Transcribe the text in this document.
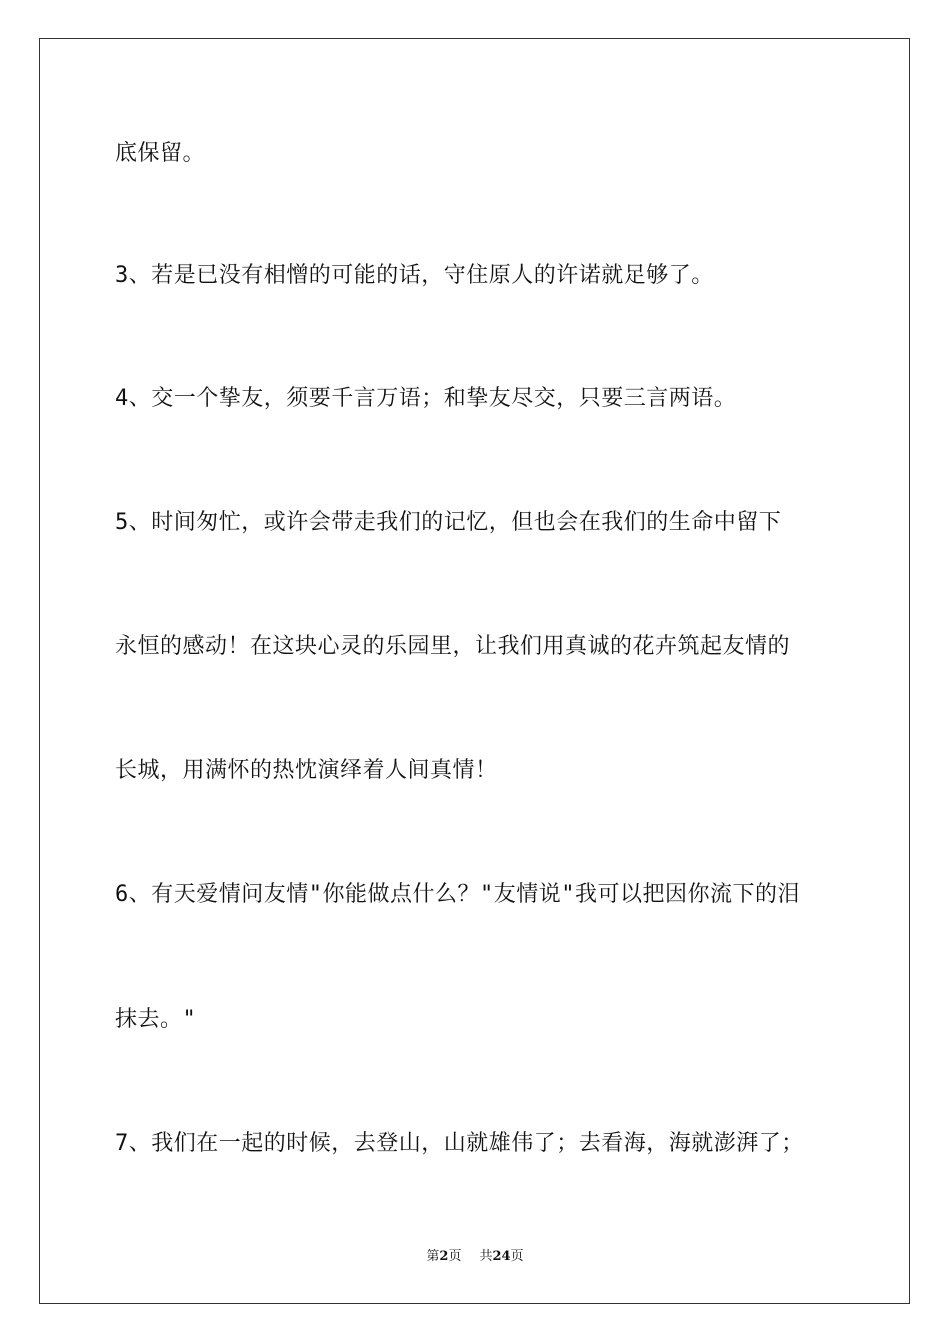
底保留。
3、若是已没有相憎的可能的话，守住原人的许诺就足够了。
4、交一个挚友，须要千言万语；和挚友尽交，只要三言两语。
5、时间匆忙，或许会带走我们的记忆，但也会在我们的生命中留下
永恒的感动！在这块心灵的乐园里，让我们用真诚的花卉筑起友情的
长城，用满怀的热忱演绎着人间真情！
6、有天爱情问友情"你能做点什么？"友情说"我可以把因你流下的泪
抹去。"
7、我们在一起的时候，去登山，山就雄伟了；去看海，海就澎湃了；
第2页 共24页
